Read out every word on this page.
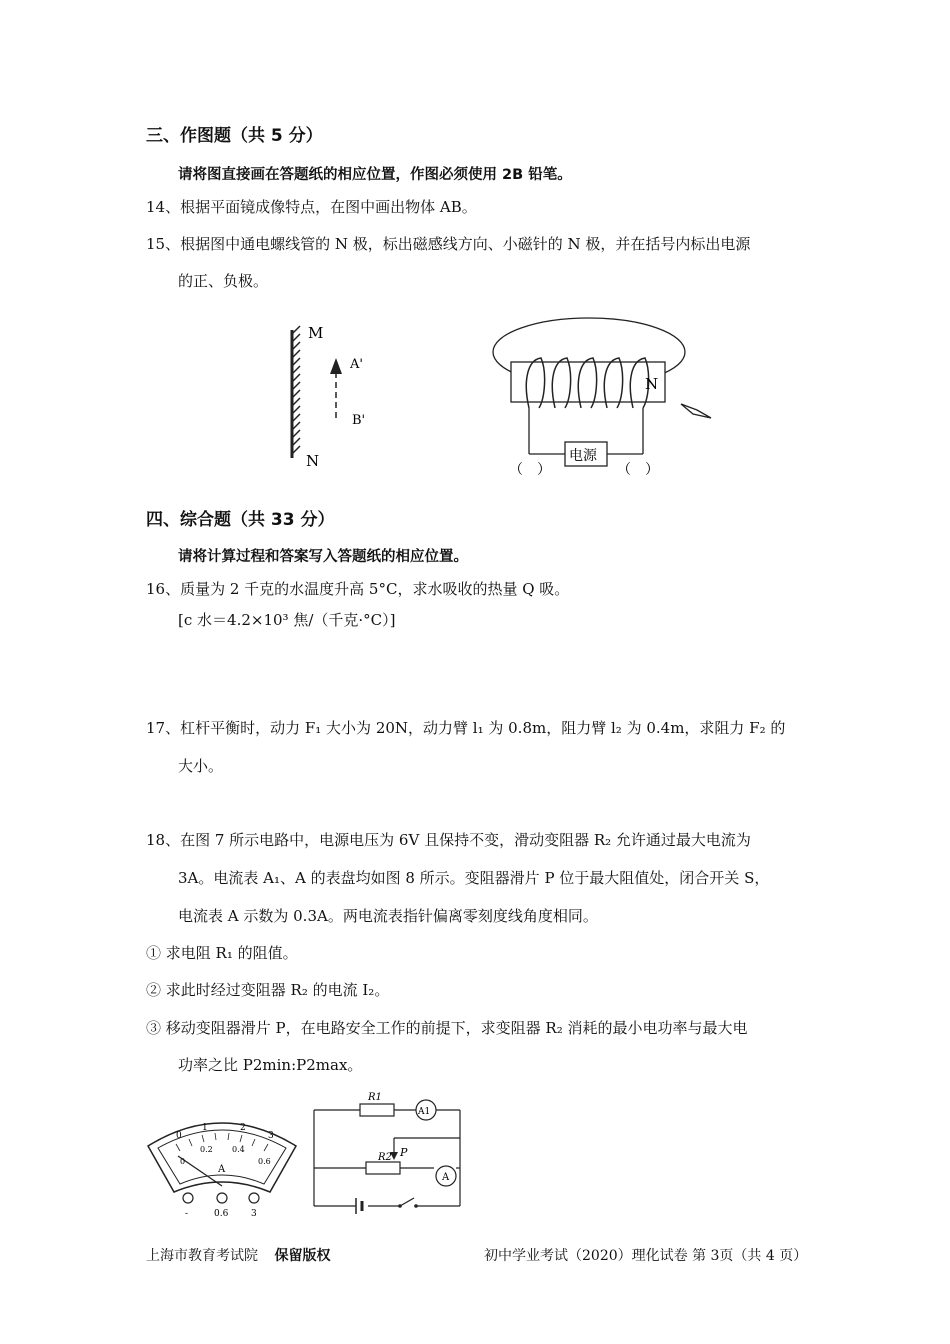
三、作图题（共 5 分）
请将图直接画在答题纸的相应位置，作图必须使用 2B 铅笔。
14、根据平面镜成像特点，在图中画出物体 AB。
15、根据图中通电螺线管的 N 极，标出磁感线方向、小磁针的 N 极，并在括号内标出电源
的正、负极。
M
N
A'
B'
N
电源
（　）	（　）
四、综合题（共 33 分）
请将计算过程和答案写入答题纸的相应位置。
16、质量为 2 千克的水温度升高 5°C，求水吸收的热量 Q 吸。
[c 水＝4.2×10³ 焦/（千克·°C）]
17、杠杆平衡时，动力 F₁ 大小为 20N，动力臂 l₁ 为 0.8m，阻力臂 l₂ 为 0.4m，求阻力 F₂ 的
大小。
18、在图 7 所示电路中，电源电压为 6V 且保持不变，滑动变阻器 R₂ 允许通过最大电流为
3A。电流表 A₁、A 的表盘均如图 8 所示。变阻器滑片 P 位于最大阻值处，闭合开关 S，
电流表 A 示数为 0.3A。两电流表指针偏离零刻度线角度相同。
① 求电阻 R₁ 的阻值。
② 求此时经过变阻器 R₂ 的电流 I₂。
③ 移动变阻器滑片 P，在电路安全工作的前提下，求变阻器 R₂ 消耗的最小电功率与最大电
功率之比 P2min:P2max。
0
1	2
3
0
0.2 0.4
0.6
A
-	0.6	3
R1
A1
R2 P
A
上海市教育考试院 保留版权	初中学业考试（2020）理化试卷 第 3页（共 4 页）
